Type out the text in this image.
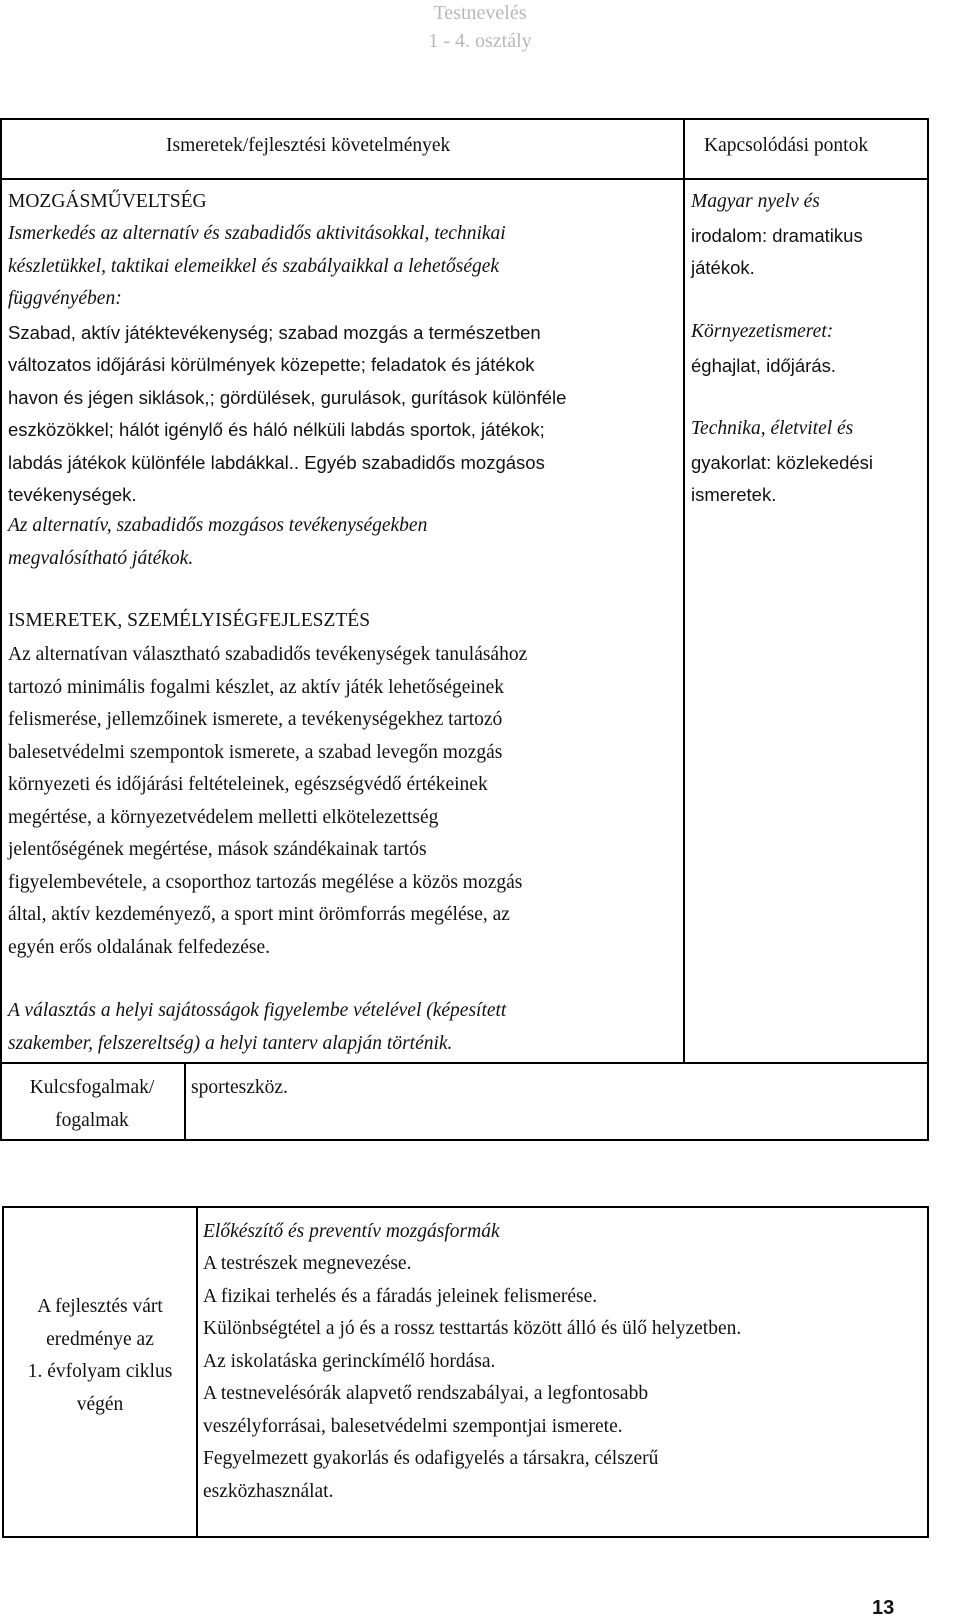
Testnevelés
1 - 4. osztály
Ismeretek/fejlesztési követelmények	Kapcsolódási pontok
MOZGÁSMŰVELTSÉG
Ismerkedés az alternatív és szabadidős aktivitásokkal, technikai
készletükkel, taktikai elemeikkel és szabályaikkal a lehetőségek
függvényében:
Szabad, aktív játéktevékenység; szabad mozgás a természetben
változatos időjárási körülmények közepette; feladatok és játékok
havon és jégen siklások,; gördülések, gurulások, gurítások különféle
eszközökkel; hálót igénylő és háló nélküli labdás sportok, játékok;
labdás játékok különféle labdákkal.. Egyéb szabadidős mozgásos
tevékenységek.
Az alternatív, szabadidős mozgásos tevékenységekben
megvalósítható játékok.
ISMERETEK, SZEMÉLYISÉGFEJLESZTÉS
Az alternatívan választható szabadidős tevékenységek tanulásához
tartozó minimális fogalmi készlet, az aktív játék lehetőségeinek
felismerése, jellemzőinek ismerete, a tevékenységekhez tartozó
balesetvédelmi szempontok ismerete, a szabad levegőn mozgás
környezeti és időjárási feltételeinek, egészségvédő értékeinek
megértése, a környezetvédelem melletti elkötelezettség
jelentőségének megértése, mások szándékainak tartós
figyelembevétele, a csoporthoz tartozás megélése a közös mozgás
által, aktív kezdeményező, a sport mint örömforrás megélése, az
egyén erős oldalának felfedezése.
A választás a helyi sajátosságok figyelembe vételével (képesített
szakember, felszereltség) a helyi tanterv alapján történik.
Magyar nyelv és
irodalom: dramatikus
játékok.
Környezetismeret:
éghajlat, időjárás.
Technika, életvitel és
gyakorlat: közlekedési
ismeretek.
Kulcsfogalmak/
fogalmak
sporteszköz.
A fejlesztés várt
eredménye az
1. évfolyam ciklus
végén
Előkészítő és preventív mozgásformák
A testrészek megnevezése.
A fizikai terhelés és a fáradás jeleinek felismerése.
Különbségtétel a jó és a rossz testtartás között álló és ülő helyzetben.
Az iskolatáska gerinckímélő hordása.
A testnevelésórák alapvető rendszabályai, a legfontosabb
veszélyforrásai, balesetvédelmi szempontjai ismerete.
Fegyelmezett gyakorlás és odafigyelés a társakra, célszerű
eszközhasználat.
13
